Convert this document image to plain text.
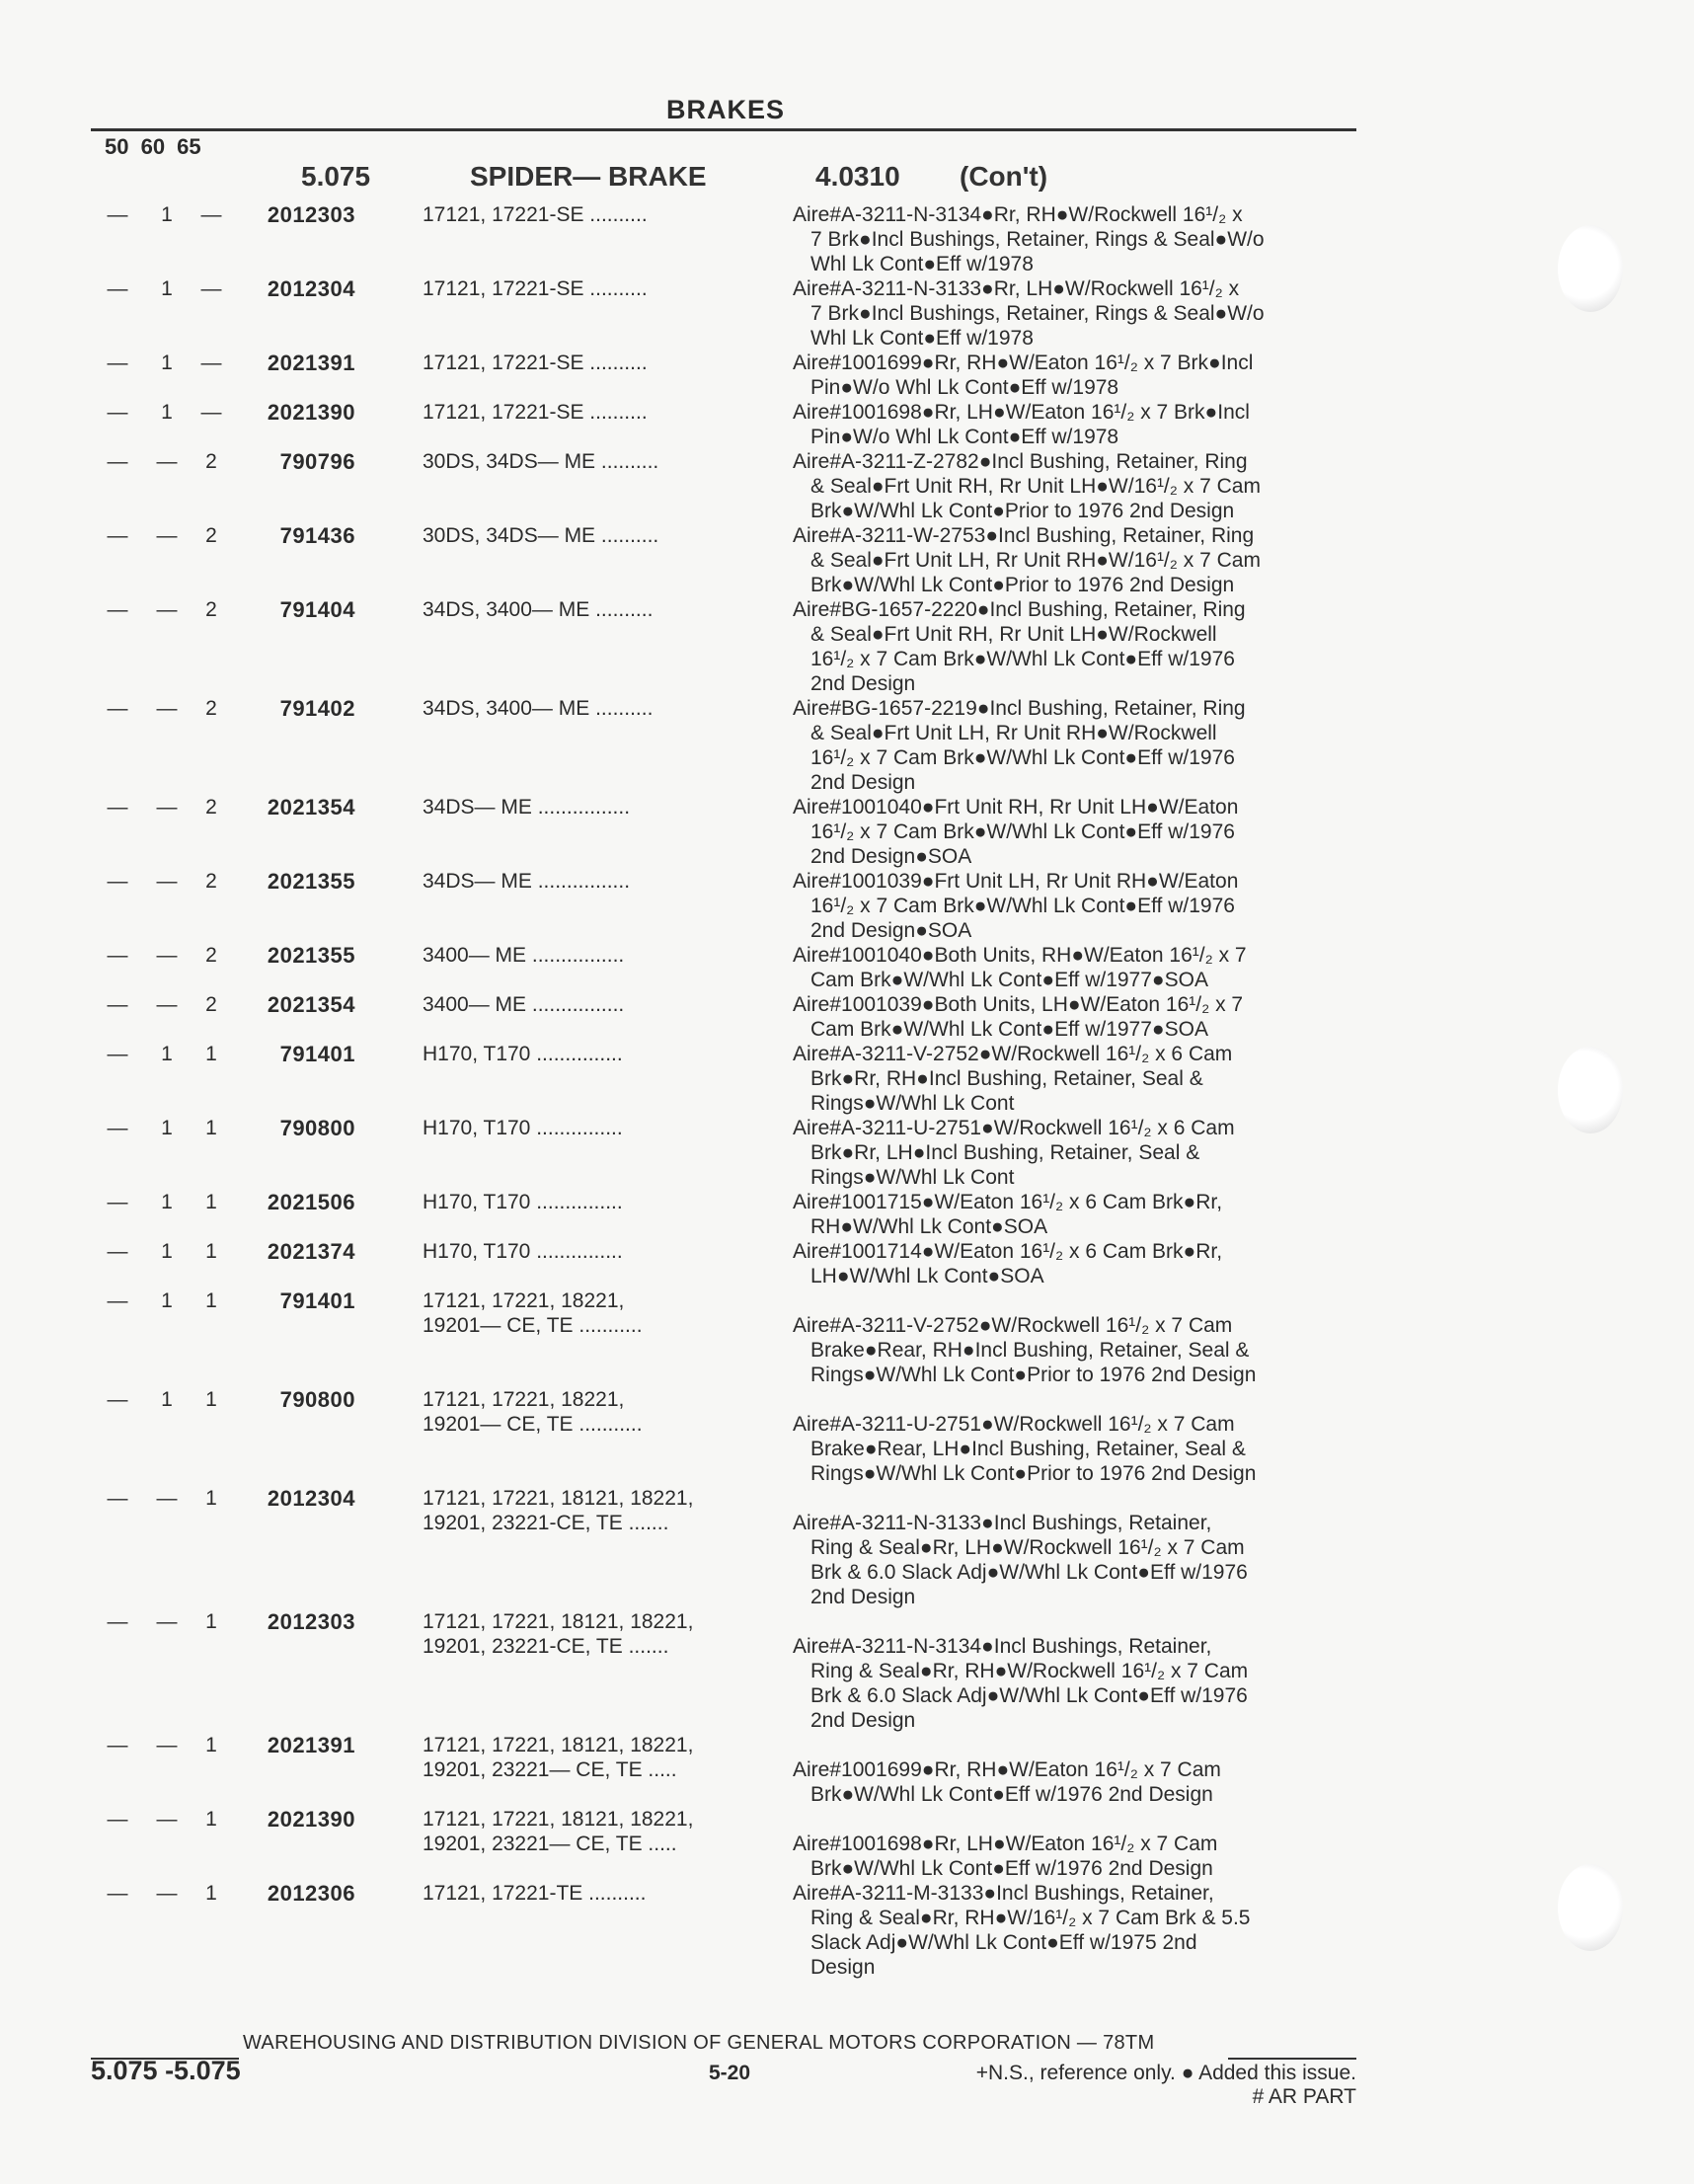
BRAKES
50 60 65
5.075	SPIDER— BRAKE	4.0310 (Con't)
—	1	— 2012303	17121, 17221-SE ..........	Aire#A-3211-N-3134●Rr, RH●W/Rockwell 16¹/₂ x
7 Brk●Incl Bushings, Retainer, Rings & Seal●W/o
Whl Lk Cont●Eff w/1978
—	1	— 2012304	17121, 17221-SE ..........	Aire#A-3211-N-3133●Rr, LH●W/Rockwell 16¹/₂ x
7 Brk●Incl Bushings, Retainer, Rings & Seal●W/o
Whl Lk Cont●Eff w/1978
—	1	— 2021391	17121, 17221-SE ..........	Aire#1001699●Rr, RH●W/Eaton 16¹/₂ x 7 Brk●Incl
Pin●W/o Whl Lk Cont●Eff w/1978
—	1	— 2021390	17121, 17221-SE ..........	Aire#1001698●Rr, LH●W/Eaton 16¹/₂ x 7 Brk●Incl
Pin●W/o Whl Lk Cont●Eff w/1978
— —	2	790796	30DS, 34DS— ME ..........	Aire#A-3211-Z-2782●Incl Bushing, Retainer, Ring
& Seal●Frt Unit RH, Rr Unit LH●W/16¹/₂ x 7 Cam
Brk●W/Whl Lk Cont●Prior to 1976 2nd Design
— —	2	791436	30DS, 34DS— ME ..........	Aire#A-3211-W-2753●Incl Bushing, Retainer, Ring
& Seal●Frt Unit LH, Rr Unit RH●W/16¹/₂ x 7 Cam
Brk●W/Whl Lk Cont●Prior to 1976 2nd Design
— —	2	791404	34DS, 3400— ME ..........	Aire#BG-1657-2220●Incl Bushing, Retainer, Ring
& Seal●Frt Unit RH, Rr Unit LH●W/Rockwell
16¹/₂ x 7 Cam Brk●W/Whl Lk Cont●Eff w/1976
2nd Design
— —	2	791402	34DS, 3400— ME ..........	Aire#BG-1657-2219●Incl Bushing, Retainer, Ring
& Seal●Frt Unit LH, Rr Unit RH●W/Rockwell
16¹/₂ x 7 Cam Brk●W/Whl Lk Cont●Eff w/1976
2nd Design
— —	2	2021354	34DS— ME ................	Aire#1001040●Frt Unit RH, Rr Unit LH●W/Eaton
16¹/₂ x 7 Cam Brk●W/Whl Lk Cont●Eff w/1976
2nd Design●SOA
— —	2	2021355	34DS— ME ................	Aire#1001039●Frt Unit LH, Rr Unit RH●W/Eaton
16¹/₂ x 7 Cam Brk●W/Whl Lk Cont●Eff w/1976
2nd Design●SOA
— —	2	2021355	3400— ME ................	Aire#1001040●Both Units, RH●W/Eaton 16¹/₂ x 7
Cam Brk●W/Whl Lk Cont●Eff w/1977●SOA
— —	2	2021354	3400— ME ................	Aire#1001039●Both Units, LH●W/Eaton 16¹/₂ x 7
Cam Brk●W/Whl Lk Cont●Eff w/1977●SOA
—	1	1	791401	H170, T170 ...............	Aire#A-3211-V-2752●W/Rockwell 16¹/₂ x 6 Cam
Brk●Rr, RH●Incl Bushing, Retainer, Seal &
Rings●W/Whl Lk Cont
—	1	1	790800	H170, T170 ...............	Aire#A-3211-U-2751●W/Rockwell 16¹/₂ x 6 Cam
Brk●Rr, LH●Incl Bushing, Retainer, Seal &
Rings●W/Whl Lk Cont
—	1	1	2021506	H170, T170 ...............	Aire#1001715●W/Eaton 16¹/₂ x 6 Cam Brk●Rr,
RH●W/Whl Lk Cont●SOA
—	1	1	2021374	H170, T170 ...............	Aire#1001714●W/Eaton 16¹/₂ x 6 Cam Brk●Rr,
LH●W/Whl Lk Cont●SOA
—	1	1	791401	17121, 17221, 18221,
19201— CE, TE ...........
	Aire#A-3211-V-2752●W/Rockwell 16¹/₂ x 7 Cam
Brake●Rear, RH●Incl Bushing, Retainer, Seal &
Rings●W/Whl Lk Cont●Prior to 1976 2nd Design
—	1	1	790800	17121, 17221, 18221,
19201— CE, TE ...........
	Aire#A-3211-U-2751●W/Rockwell 16¹/₂ x 7 Cam
Brake●Rear, LH●Incl Bushing, Retainer, Seal &
Rings●W/Whl Lk Cont●Prior to 1976 2nd Design
— —	1	2012304	17121, 17221, 18121, 18221,
19201, 23221-CE, TE .......
	Aire#A-3211-N-3133●Incl Bushings, Retainer,
Ring & Seal●Rr, LH●W/Rockwell 16¹/₂ x 7 Cam
Brk & 6.0 Slack Adj●W/Whl Lk Cont●Eff w/1976
2nd Design
— —	1	2012303	17121, 17221, 18121, 18221,
19201, 23221-CE, TE .......
	Aire#A-3211-N-3134●Incl Bushings, Retainer,
Ring & Seal●Rr, RH●W/Rockwell 16¹/₂ x 7 Cam
Brk & 6.0 Slack Adj●W/Whl Lk Cont●Eff w/1976
2nd Design
— —	1	2021391	17121, 17221, 18121, 18221,
19201, 23221— CE, TE .....
	Aire#1001699●Rr, RH●W/Eaton 16¹/₂ x 7 Cam
Brk●W/Whl Lk Cont●Eff w/1976 2nd Design
— —	1	2021390	17121, 17221, 18121, 18221,
19201, 23221— CE, TE .....
	Aire#1001698●Rr, LH●W/Eaton 16¹/₂ x 7 Cam
Brk●W/Whl Lk Cont●Eff w/1976 2nd Design
— —	1	2012306	17121, 17221-TE ..........	Aire#A-3211-M-3133●Incl Bushings, Retainer,
Ring & Seal●Rr, RH●W/16¹/₂ x 7 Cam Brk & 5.5
Slack Adj●W/Whl Lk Cont●Eff w/1975 2nd
Design
WAREHOUSING AND DISTRIBUTION DIVISION OF GENERAL MOTORS CORPORATION — 78TM
5.075 -5.075	5-20	+N.S., reference only. ● Added this issue.
# AR PART
